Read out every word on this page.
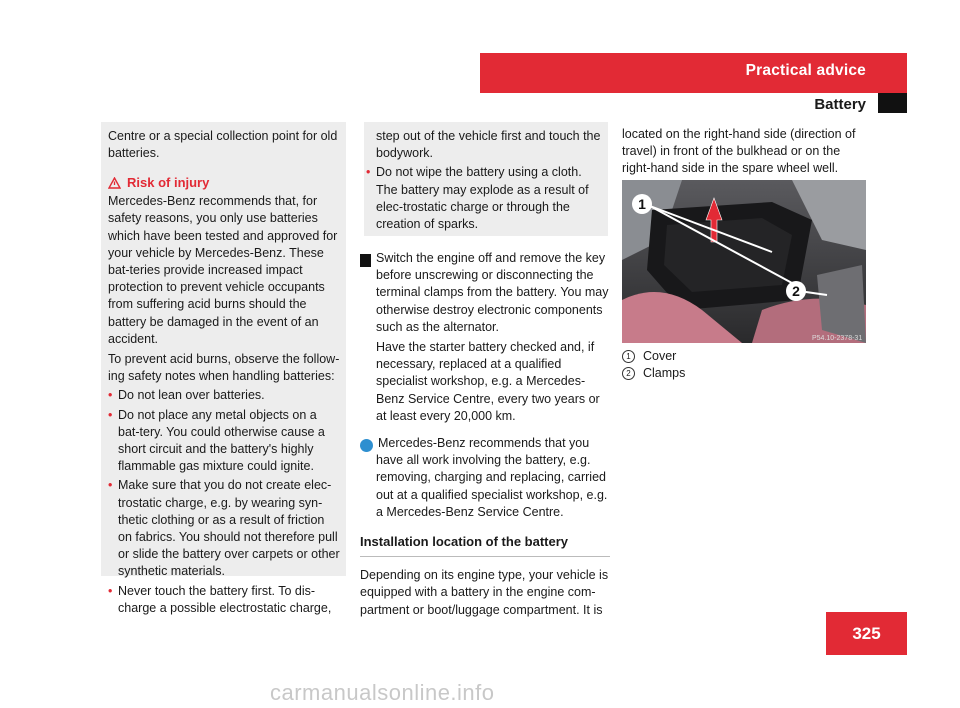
Practical advice
Battery

Centre or a special collection point for old batteries.

Risk of injury

Mercedes-Benz recommends that, for safety reasons, you only use batteries which have been tested and approved for your vehicle by Mercedes-Benz. These bat-teries provide increased impact protection to prevent vehicle occupants from suffering acid burns should the battery be damaged in the event of an accident.

To prevent acid burns, observe the follow-ing safety notes when handling batteries:

• Do not lean over batteries.

• Do not place any metal objects on a bat-tery. You could otherwise cause a short circuit and the battery's highly flammable gas mixture could ignite.

• Make sure that you do not create elec-trostatic charge, e.g. by wearing syn-thetic clothing or as a result of friction on fabrics. You should not therefore pull or slide the battery over carpets or other synthetic materials.

• Never touch the battery first. To dis-charge a possible electrostatic charge,

step out of the vehicle first and touch the bodywork.

• Do not wipe the battery using a cloth. The battery may explode as a result of elec-trostatic charge or through the creation of sparks.

! Switch the engine off and remove the key before unscrewing or disconnecting the terminal clamps from the battery. You may otherwise destroy electronic components such as the alternator.

Have the starter battery checked and, if necessary, replaced at a qualified specialist workshop, e.g. a Mercedes-Benz Service Centre, every two years or at least every 20,000 km.

i Mercedes-Benz recommends that you have all work involving the battery, e.g. removing, charging and replacing, carried out at a qualified specialist workshop, e.g. a Mercedes-Benz Service Centre.

Installation location of the battery

Depending on its engine type, your vehicle is equipped with a battery in the engine com-partment or boot/luggage compartment. It is

located on the right-hand side (direction of travel) in front of the bulkhead or on the right-hand side in the spare wheel well.

1
2
P54.10-2378-31

1 Cover

2 Clamps

325
carmanualsonline.info
